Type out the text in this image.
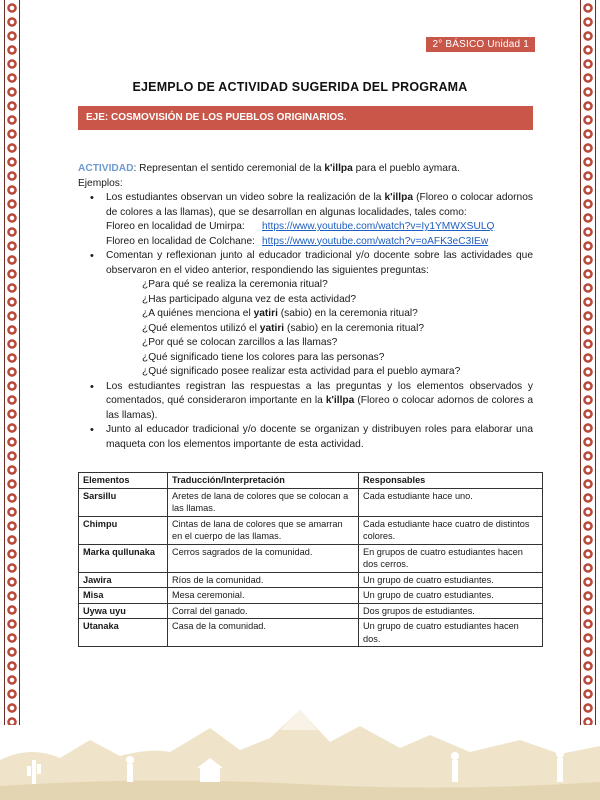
2° BÁSICO Unidad 1
EJEMPLO DE ACTIVIDAD SUGERIDA DEL PROGRAMA
EJE: COSMOVISIÓN DE LOS PUEBLOS ORIGINARIOS.
ACTIVIDAD: Representan el sentido ceremonial de la k'illpa para el pueblo aymara.
Ejemplos:
• Los estudiantes observan un video sobre la realización de la k'illpa (Floreo o colocar adornos de colores a las llamas), que se desarrollan en algunas localidades, tales como:
Floreo en localidad de Umirpa:	https://www.youtube.com/watch?v=Iy1YMWXSULQ
Floreo en localidad de Colchane: https://www.youtube.com/watch?v=oAFK3eC3IEw
• Comentan y reflexionan junto al educador tradicional y/o docente sobre las actividades que observaron en el video anterior, respondiendo las siguientes preguntas:
¿Para qué se realiza la ceremonia ritual?
¿Has participado alguna vez de esta actividad?
¿A quiénes menciona el yatiri (sabio) en la ceremonia ritual?
¿Qué elementos utilizó el yatiri (sabio) en la ceremonia ritual?
¿Por qué se colocan zarcillos a las llamas?
¿Qué significado tiene los colores para las personas?
¿Qué significado posee realizar esta actividad para el pueblo aymara?
• Los estudiantes registran las respuestas a las preguntas y los elementos observados y comentados, qué consideraron importante en la k'illpa (Floreo o colocar adornos de colores a las llamas).
• Junto al educador tradicional y/o docente se organizan y distribuyen roles para elaborar una maqueta con los elementos importante de esta actividad.
Elementos	Traducción/Interpretación	Responsables
Sarsillu	Aretes de lana de colores que se colocan a las llamas.	Cada estudiante hace uno.
Chimpu	Cintas de lana de colores que se amarran en el cuerpo de las llamas.	Cada estudiante hace cuatro de distintos colores.
Marka qullunaka	Cerros sagrados de la comunidad.	En grupos de cuatro estudiantes hacen dos cerros.
Jawira	Ríos de la comunidad.	Un grupo de cuatro estudiantes.
Misa	Mesa ceremonial.	Un grupo de cuatro estudiantes.
Uywa uyu	Corral del ganado.	Dos grupos de estudiantes.
Utanaka	Casa de la comunidad.	Un grupo de cuatro estudiantes hacen dos.
